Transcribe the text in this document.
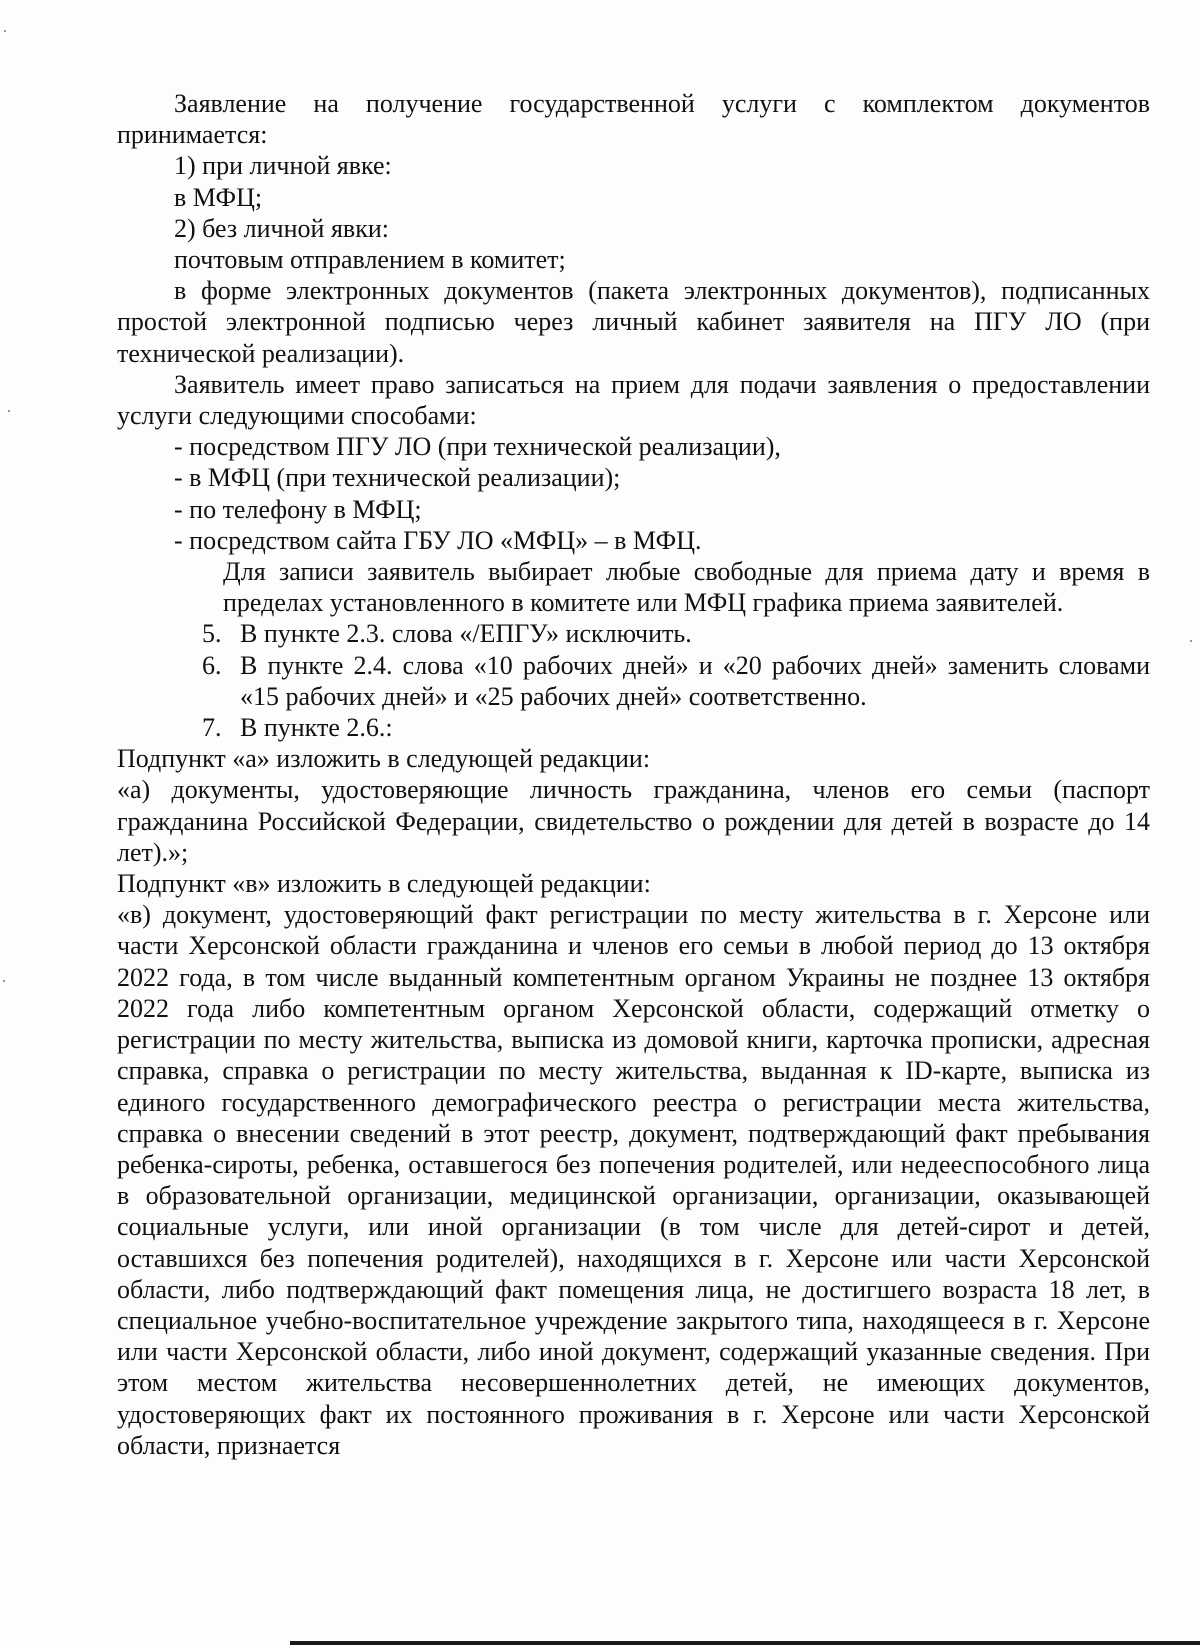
Заявление на получение государственной услуги с комплектом документов принимается:

1) при личной явке:

в МФЦ;

2) без личной явки:

почтовым отправлением в комитет;

в форме электронных документов (пакета электронных документов), подписанных простой электронной подписью через личный кабинет заявителя на ПГУ ЛО (при технической реализации).

Заявитель имеет право записаться на прием для подачи заявления о предоставлении услуги следующими способами:

- посредством ПГУ ЛО (при технической реализации),

- в МФЦ (при технической реализации);

- по телефону в МФЦ;

- посредством сайта ГБУ ЛО «МФЦ» – в МФЦ.

Для записи заявитель выбирает любые свободные для приема дату и время в пределах установленного в комитете или МФЦ графика приема заявителей.

5. В пункте 2.3. слова «/ЕПГУ» исключить.

6. В пункте 2.4. слова «10 рабочих дней» и «20 рабочих дней» заменить словами «15 рабочих дней» и «25 рабочих дней» соответственно.

7. В пункте 2.6.:

Подпункт «а» изложить в следующей редакции:

«а) документы, удостоверяющие личность гражданина, членов его семьи (паспорт гражданина Российской Федерации, свидетельство о рождении для детей в возрасте до 14 лет).»;

Подпункт «в» изложить в следующей редакции:

«в) документ, удостоверяющий факт регистрации по месту жительства в г. Херсоне или части Херсонской области гражданина и членов его семьи в любой период до 13 октября 2022 года, в том числе выданный компетентным органом Украины не позднее 13 октября 2022 года либо компетентным органом Херсонской области, содержащий отметку о регистрации по месту жительства, выписка из домовой книги, карточка прописки, адресная справка, справка о регистрации по месту жительства, выданная к ID-карте, выписка из единого государственного демографического реестра о регистрации места жительства, справка о внесении сведений в этот реестр, документ, подтверждающий факт пребывания ребенка-сироты, ребенка, оставшегося без попечения родителей, или недееспособного лица в образовательной организации, медицинской организации, организации, оказывающей социальные услуги, или иной организации (в том числе для детей-сирот и детей, оставшихся без попечения родителей), находящихся в г. Херсоне или части Херсонской области, либо подтверждающий факт помещения лица, не достигшего возраста 18 лет, в специальное учебно-воспитательное учреждение закрытого типа, находящееся в г. Херсоне или части Херсонской области, либо иной документ, содержащий указанные сведения. При этом местом жительства несовершеннолетних детей, не имеющих документов, удостоверяющих факт их постоянного проживания в г. Херсоне или части Херсонской области, признается
